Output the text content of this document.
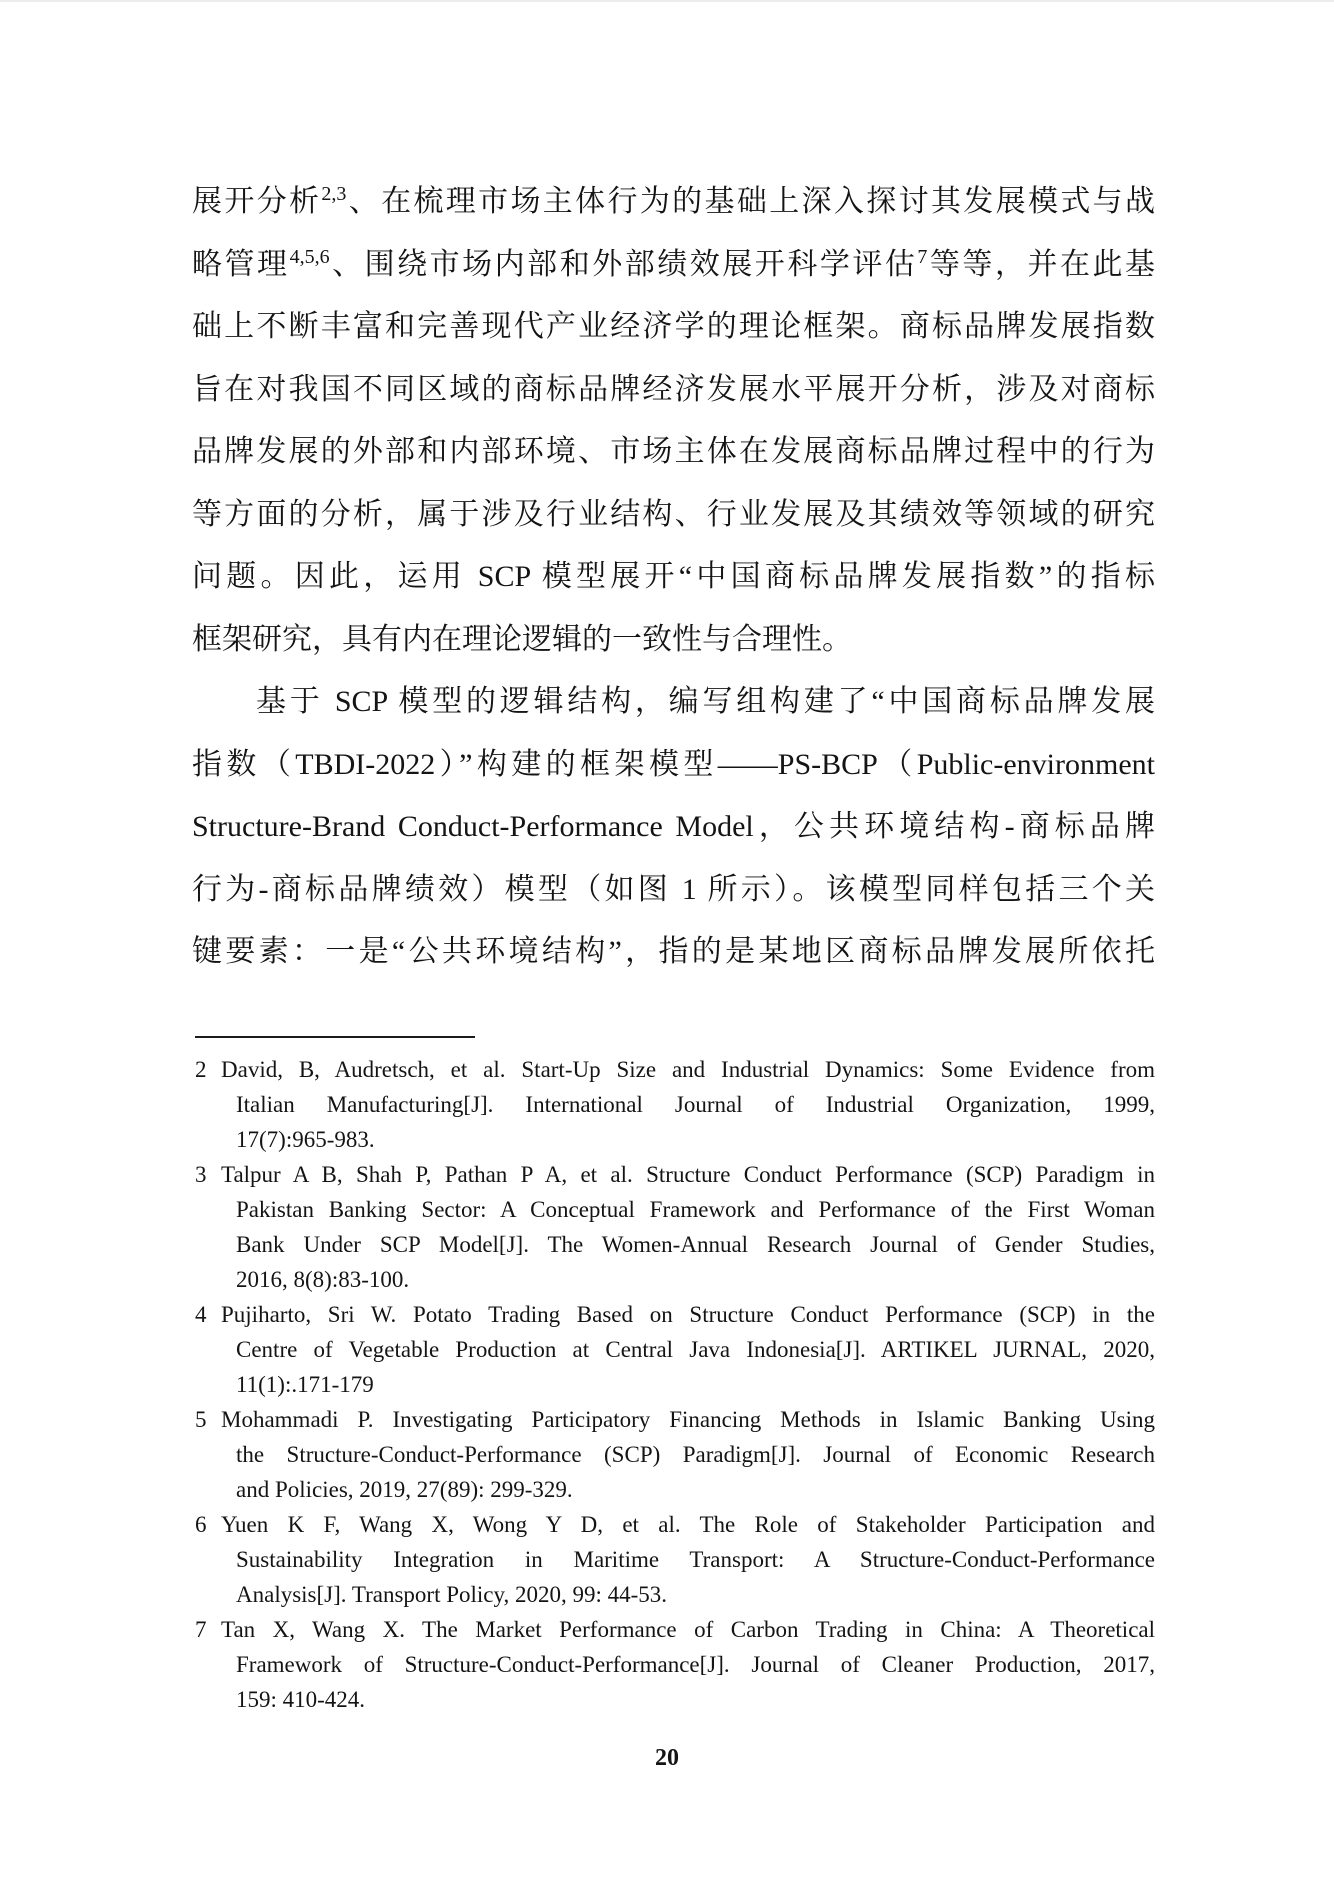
展开分析$^{2,3}$、在梳理市场主体行为的基础上深入探讨其发展模式与战
略管理$^{4,5,6}$、围绕市场内部和外部绩效展开科学评估$^7$等等，并在此基
础上不断丰富和完善现代产业经济学的理论框架。商标品牌发展指数
旨在对我国不同区域的商标品牌经济发展水平展开分析，涉及对商标
品牌发展的外部和内部环境、市场主体在发展商标品牌过程中的行为
等方面的分析，属于涉及行业结构、行业发展及其绩效等领域的研究
问题。因此，运用 SCP 模型展开“中国商标品牌发展指数”的指标
框架研究，具有内在理论逻辑的一致性与合理性。
基于 SCP 模型的逻辑结构，编写组构建了“中国商标品牌发展
指数（TBDI-2022）”构建的框架模型——PS-BCP（Public-environment
Structure-Brand Conduct-Performance Model，公共环境结构-商标品牌
行为-商标品牌绩效）模型（如图 1 所示）。该模型同样包括三个关
键要素：一是“公共环境结构”，指的是某地区商标品牌发展所依托
2 David, B, Audretsch, et al. Start-Up Size and Industrial Dynamics: Some Evidence from
Italian Manufacturing[J]. International Journal of Industrial Organization, 1999,
17(7):965-983.
3 Talpur A B, Shah P, Pathan P A, et al. Structure Conduct Performance (SCP) Paradigm in
Pakistan Banking Sector: A Conceptual Framework and Performance of the First Woman
Bank Under SCP Model[J]. The Women-Annual Research Journal of Gender Studies,
2016, 8(8):83-100.
4 Pujiharto, Sri W. Potato Trading Based on Structure Conduct Performance (SCP) in the
Centre of Vegetable Production at Central Java Indonesia[J]. ARTIKEL JURNAL, 2020,
11(1):.171-179
5 Mohammadi P. Investigating Participatory Financing Methods in Islamic Banking Using
the Structure-Conduct-Performance (SCP) Paradigm[J]. Journal of Economic Research
and Policies, 2019, 27(89): 299-329.
6 Yuen K F, Wang X, Wong Y D, et al. The Role of Stakeholder Participation and
Sustainability Integration in Maritime Transport: A Structure-Conduct-Performance
Analysis[J]. Transport Policy, 2020, 99: 44-53.
7 Tan X, Wang X. The Market Performance of Carbon Trading in China: A Theoretical
Framework of Structure-Conduct-Performance[J]. Journal of Cleaner Production, 2017,
159: 410-424.
20
